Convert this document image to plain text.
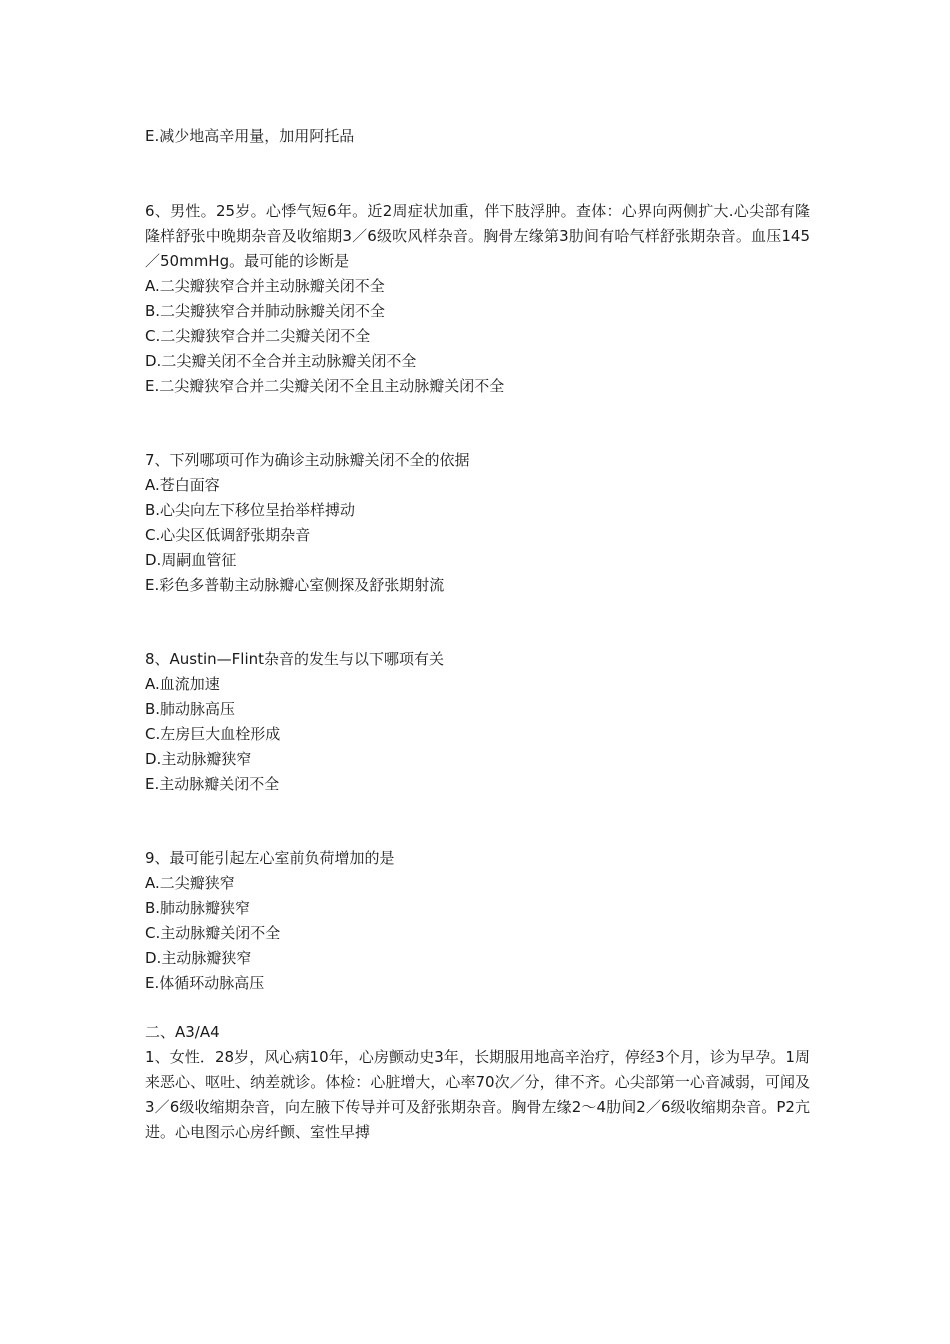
E.减少地高辛用量，加用阿托品
6、男性。25岁。心悸气短6年。近2周症状加重，伴下肢浮肿。查体：心界向两侧扩大.心尖部有隆隆样舒张中晚期杂音及收缩期3／6级吹风样杂音。胸骨左缘第3肋间有哈气样舒张期杂音。血压145／50mmHg。最可能的诊断是
A.二尖瓣狭窄合并主动脉瓣关闭不全
B.二尖瓣狭窄合并肺动脉瓣关闭不全
C.二尖瓣狭窄合并二尖瓣关闭不全
D.二尖瓣关闭不全合并主动脉瓣关闭不全
E.二尖瓣狭窄合并二尖瓣关闭不全且主动脉瓣关闭不全
7、下列哪项可作为确诊主动脉瓣关闭不全的依据
A.苍白面容
B.心尖向左下移位呈抬举样搏动
C.心尖区低调舒张期杂音
D.周嗣血管征
E.彩色多普勒主动脉瓣心室侧探及舒张期射流
8、Austin—Flint杂音的发生与以下哪项有关
A.血流加速
B.肺动脉高压
C.左房巨大血栓形成
D.主动脉瓣狭窄
E.主动脉瓣关闭不全
9、最可能引起左心室前负荷增加的是
A.二尖瓣狭窄
B.肺动脉瓣狭窄
C.主动脉瓣关闭不全
D.主动脉瓣狭窄
E.体循环动脉高压
二、A3/A4
1、女性．28岁，风心病10年，心房颤动史3年，长期服用地高辛治疗，停经3个月，诊为早孕。1周来恶心、呕吐、纳差就诊。体检：心脏增大，心率70次／分，律不齐。心尖部第一心音减弱，可闻及3／6级收缩期杂音，向左腋下传导并可及舒张期杂音。胸骨左缘2～4肋间2／6级收缩期杂音。P2亢进。心电图示心房纤颤、室性早搏
